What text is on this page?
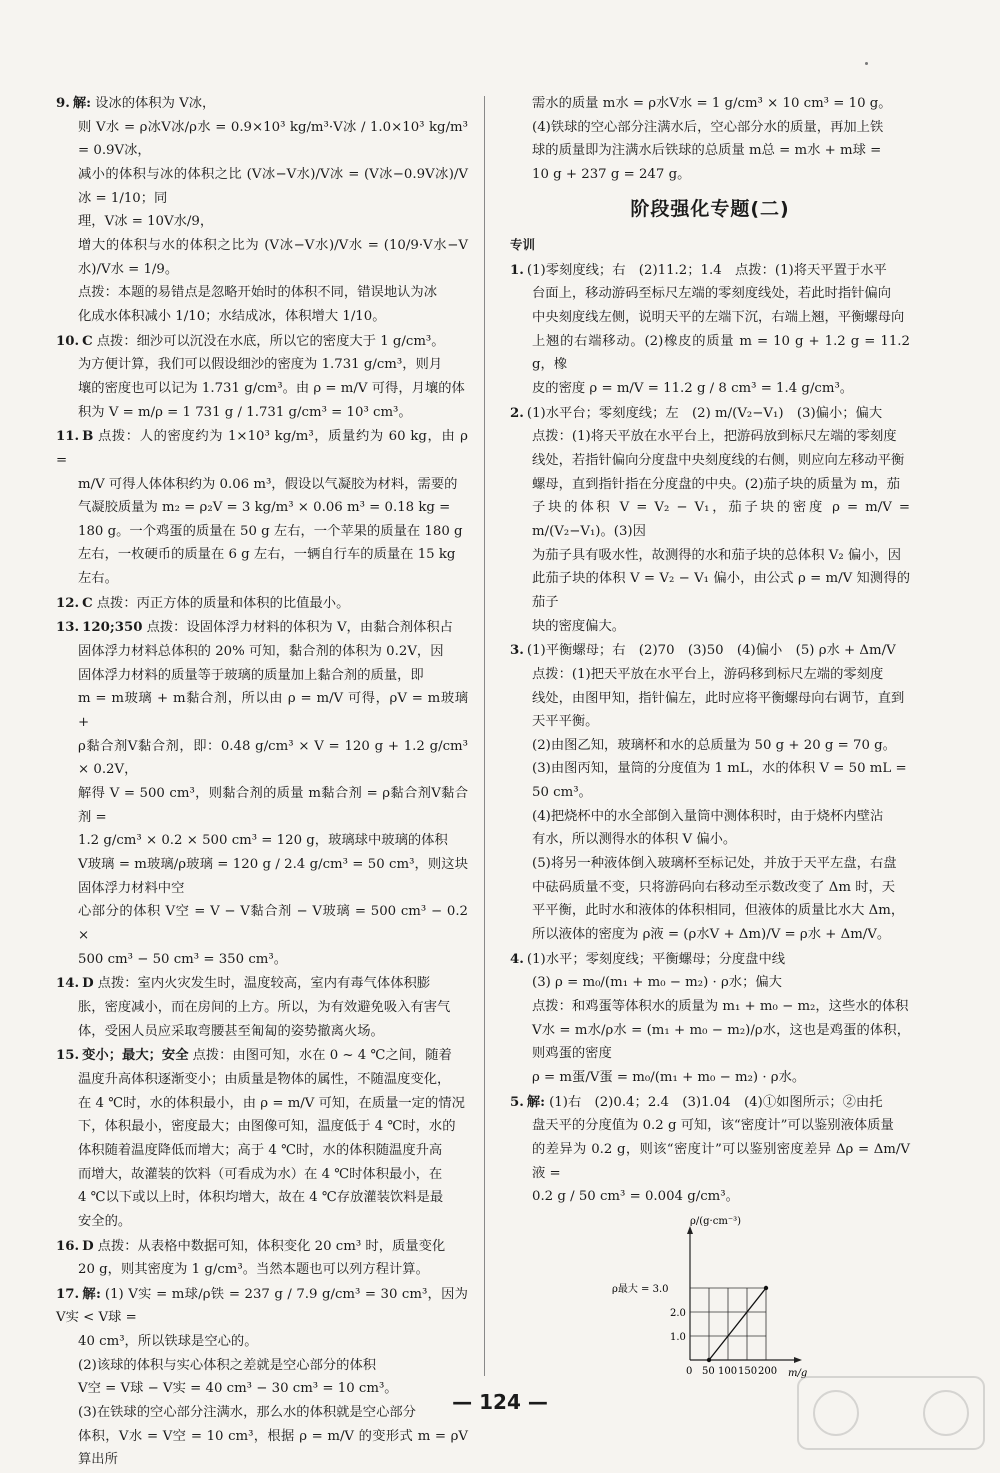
9. 解: 设冰的体积为 V冰，
则 V水 = ρ冰V冰/ρ水 = 0.9×10³ kg/m³·V冰 / 1.0×10³ kg/m³ = 0.9V冰，
减小的体积与冰的体积之比 (V冰−V水)/V冰 = (V冰−0.9V冰)/V冰 = 1/10；同
理，V冰 = 10V水/9，
增大的体积与水的体积之比为 (V冰−V水)/V水 = (10/9·V水−V水)/V水 = 1/9。
点拨：本题的易错点是忽略开始时的体积不同，错误地认为冰
化成水体积减小 1/10；水结成冰，体积增大 1/10。
10. C 点拨：细沙可以沉没在水底，所以它的密度大于 1 g/cm³。
为方便计算，我们可以假设细沙的密度为 1.731 g/cm³，则月
壤的密度也可以记为 1.731 g/cm³。由 ρ = m/V 可得，月壤的体
积为 V = m/ρ = 1 731 g / 1.731 g/cm³ = 10³ cm³。
11. B 点拨：人的密度约为 1×10³ kg/m³，质量约为 60 kg，由 ρ =
m/V 可得人体体积约为 0.06 m³，假设以气凝胶为材料，需要的
气凝胶质量为 m₂ = ρ₂V = 3 kg/m³ × 0.06 m³ = 0.18 kg =
180 g。一个鸡蛋的质量在 50 g 左右，一个苹果的质量在 180 g
左右，一枚硬币的质量在 6 g 左右，一辆自行车的质量在 15 kg
左右。
12. C 点拨：丙正方体的质量和体积的比值最小。
13. 120;350 点拨：设固体浮力材料的体积为 V，由黏合剂体积占
固体浮力材料总体积的 20% 可知，黏合剂的体积为 0.2V，因
固体浮力材料的质量等于玻璃的质量加上黏合剂的质量，即
m = m玻璃 + m黏合剂，所以由 ρ = m/V 可得，ρV = m玻璃 +
ρ黏合剂V黏合剂，即：0.48 g/cm³ × V = 120 g + 1.2 g/cm³ × 0.2V，
解得 V = 500 cm³，则黏合剂的质量 m黏合剂 = ρ黏合剂V黏合剂 =
1.2 g/cm³ × 0.2 × 500 cm³ = 120 g，玻璃球中玻璃的体积
V玻璃 = m玻璃/ρ玻璃 = 120 g / 2.4 g/cm³ = 50 cm³，则这块固体浮力材料中空
心部分的体积 V空 = V − V黏合剂 − V玻璃 = 500 cm³ − 0.2 ×
500 cm³ − 50 cm³ = 350 cm³。
14. D 点拨：室内火灾发生时，温度较高，室内有毒气体体积膨
胀，密度减小，而在房间的上方。所以，为有效避免吸入有害气
体，受困人员应采取弯腰甚至匍匐的姿势撤离火场。
15. 变小；最大；安全 点拨：由图可知，水在 0 ~ 4 ℃之间，随着
温度升高体积逐渐变小；由质量是物体的属性，不随温度变化，
在 4 ℃时，水的体积最小，由 ρ = m/V 可知，在质量一定的情况
下，体积最小，密度最大；由图像可知，温度低于 4 ℃时，水的
体积随着温度降低而增大；高于 4 ℃时，水的体积随温度升高
而增大，故灌装的饮料（可看成为水）在 4 ℃时体积最小，在
4 ℃以下或以上时，体积均增大，故在 4 ℃存放灌装饮料是最
安全的。
16. D 点拨：从表格中数据可知，体积变化 20 cm³ 时，质量变化
20 g，则其密度为 1 g/cm³。当然本题也可以列方程计算。
17. 解: (1) V实 = m球/ρ铁 = 237 g / 7.9 g/cm³ = 30 cm³，因为 V实 < V球 =
40 cm³，所以铁球是空心的。
(2)该球的体积与实心体积之差就是空心部分的体积
V空 = V球 − V实 = 40 cm³ − 30 cm³ = 10 cm³。
(3)在铁球的空心部分注满水，那么水的体积就是空心部分
体积，V水 = V空 = 10 cm³，根据 ρ = m/V 的变形式 m = ρV 算出所
需水的质量 m水 = ρ水V水 = 1 g/cm³ × 10 cm³ = 10 g。
(4)铁球的空心部分注满水后，空心部分水的质量，再加上铁
球的质量即为注满水后铁球的总质量 m总 = m水 + m球 =
10 g + 237 g = 247 g。
阶段强化专题(二)
专训
1. (1)零刻度线；右　(2)11.2；1.4　点拨：(1)将天平置于水平
台面上，移动游码至标尺左端的零刻度线处，若此时指针偏向
中央刻度线左侧，说明天平的左端下沉，右端上翘，平衡螺母向
上翘的右端移动。(2)橡皮的质量 m = 10 g + 1.2 g = 11.2 g，橡
皮的密度 ρ = m/V = 11.2 g / 8 cm³ = 1.4 g/cm³。
2. (1)水平台；零刻度线；左　(2) m/(V₂−V₁)　(3)偏小；偏大
点拨：(1)将天平放在水平台上，把游码放到标尺左端的零刻度
线处，若指针偏向分度盘中央刻度线的右侧，则应向左移动平衡
螺母，直到指针指在分度盘的中央。(2)茄子块的质量为 m，茄
子块的体积 V = V₂ − V₁，茄子块的密度 ρ = m/V = m/(V₂−V₁)。(3)因
为茄子具有吸水性，故测得的水和茄子块的总体积 V₂ 偏小，因
此茄子块的体积 V = V₂ − V₁ 偏小，由公式 ρ = m/V 知测得的茄子
块的密度偏大。
3. (1)平衡螺母；右　(2)70　(3)50　(4)偏小　(5) ρ水 + Δm/V
点拨：(1)把天平放在水平台上，游码移到标尺左端的零刻度
线处，由图甲知，指针偏左，此时应将平衡螺母向右调节，直到
天平平衡。
(2)由图乙知，玻璃杯和水的总质量为 50 g + 20 g = 70 g。
(3)由图丙知，量筒的分度值为 1 mL，水的体积 V = 50 mL =
50 cm³。
(4)把烧杯中的水全部倒入量筒中测体积时，由于烧杯内壁沾
有水，所以测得水的体积 V 偏小。
(5)将另一种液体倒入玻璃杯至标记处，并放于天平左盘，右盘
中砝码质量不变，只将游码向右移动至示数改变了 Δm 时，天
平平衡，此时水和液体的体积相同，但液体的质量比水大 Δm，
所以液体的密度为 ρ液 = (ρ水V + Δm)/V = ρ水 + Δm/V。
4. (1)水平；零刻度线；平衡螺母；分度盘中线
(3) ρ = m₀/(m₁ + m₀ − m₂) · ρ水；偏大
点拨：和鸡蛋等体积水的质量为 m₁ + m₀ − m₂，这些水的体积
V水 = m水/ρ水 = (m₁ + m₀ − m₂)/ρ水，这也是鸡蛋的体积，则鸡蛋的密度
ρ = m蛋/V蛋 = m₀/(m₁ + m₀ − m₂) · ρ水。
5. 解: (1)右　(2)0.4；2.4　(3)1.04　(4)①如图所示；②由托
盘天平的分度值为 0.2 g 可知，该“密度计”可以鉴别液体质量
的差异为 0.2 g，则该“密度计”可以鉴别密度差异 Δρ = Δm/V液 =
0.2 g / 50 cm³ = 0.004 g/cm³。
ρ/(g·cm⁻³)
ρ最大 = 3.0
2.0
1.0
0 50 100 150 200 m/g
— 124 —
